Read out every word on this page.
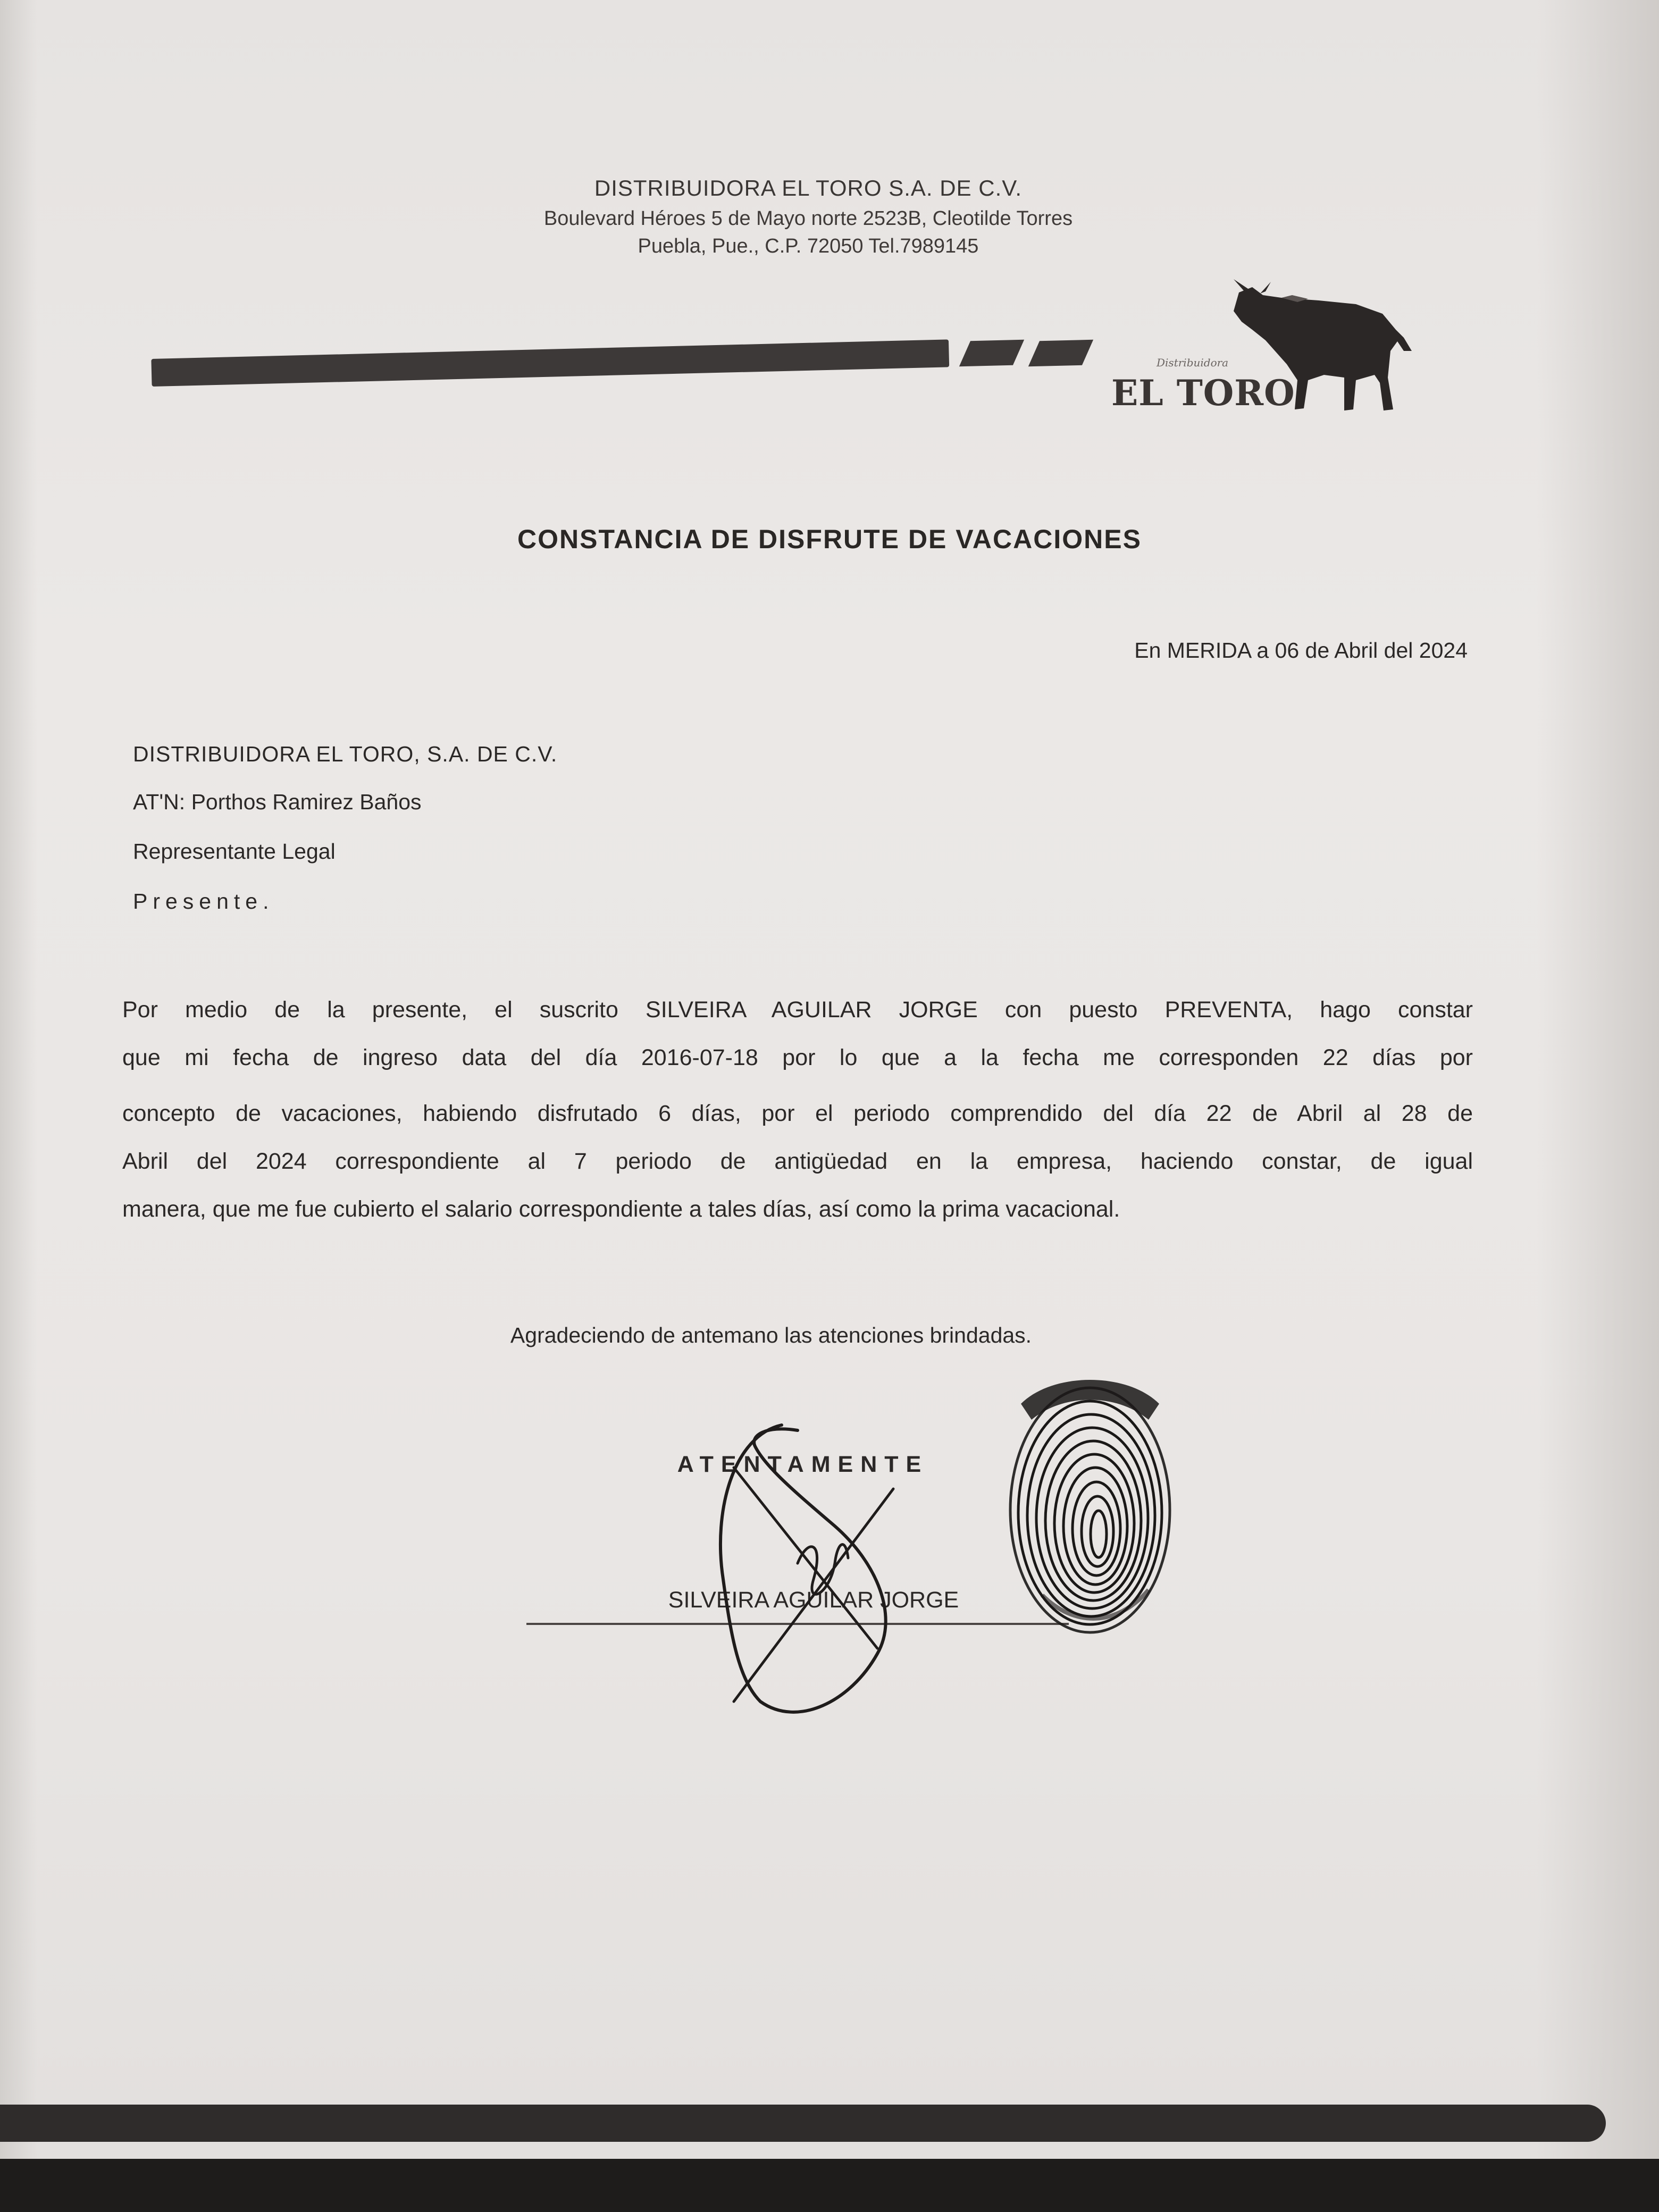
DISTRIBUIDORA EL TORO S.A. DE C.V.
Boulevard Héroes 5 de Mayo norte 2523B, Cleotilde Torres
Puebla, Pue., C.P. 72050 Tel.7989145
Distribuidora
EL TORO
CONSTANCIA DE DISFRUTE DE VACACIONES
En MERIDA a 06 de Abril del 2024
DISTRIBUIDORA EL TORO, S.A. DE C.V.
AT'N: Porthos Ramirez Baños
Representante Legal
Presente.
Por medio de la presente, el suscrito SILVEIRA AGUILAR JORGE con puesto PREVENTA, hago constar
que mi fecha de ingreso data del día 2016-07-18 por lo que a la fecha me corresponden 22 días por
concepto de vacaciones, habiendo disfrutado 6 días, por el periodo comprendido del día 22 de Abril al 28 de
Abril del 2024 correspondiente al 7 periodo de antigüedad en la empresa, haciendo constar, de igual
manera, que me fue cubierto el salario correspondiente a tales días, así como la prima vacacional.
Agradeciendo de antemano las atenciones brindadas.
ATENTAMENTE
SILVEIRA AGUILAR JORGE
